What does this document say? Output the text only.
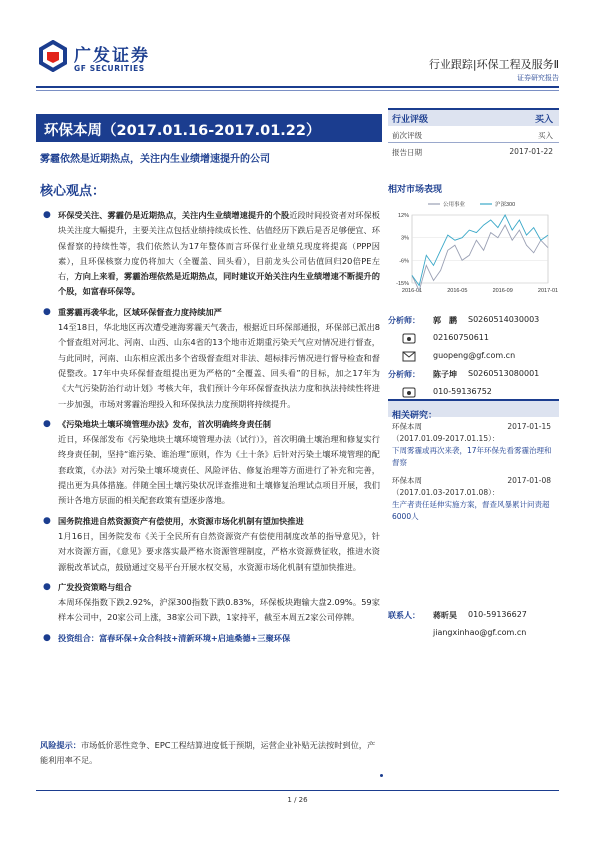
广发证券
GF SECURITIES	行业跟踪|环保工程及服务Ⅱ
证券研究报告
环保本周（2017.01.16-2017.01.22）
雾霾依然是近期热点，关注内生业绩增速提升的公司
核心观点：
● 环保受关注、雾霾仍是近期热点，关注内生业绩增速提升的个股近段时间投资者对环保板块关注度大幅提升，主要关注点包括业绩持续成长性、估值经历下跌后是否足够便宜、环保督察的持续性等，我们依然认为17年整体而言环保行业业绩兑现度将提高（PPP因素），且环保核察力度仍将加大（全覆盖、回头看），目前龙头公司估值回归20倍PE左右，方向上来看，雾霾治理依然是近期热点，同时建议开始关注内生业绩增速不断提升的个股，如富春环保等。

● 重雾霾再袭华北，区域环保督查力度持续加严

14至18日，华北地区再次遭受連海雾霾天气袭击，根据近日环保部通报，环保部已派出8个督查组对河北、河南、山西、山东4省的13个地市近期重污染天气应对情况进行督查，与此同时，河南、山东相应派出多个省级督查组对非法、超标排污情况进行督导检查和督促整改。17年中央环保督查组提出更为严格的“全覆盖、回头看”的目标，加之17年为《大气污染防治行动计划》考核大年，我们预计今年环保督查执法力度和执法持续性将进一步加强，市场对雾霾治理投入和环保执法力度预期将持续提升。

● 《污染地块土壤环境管理办法》发布，首次明确终身责任制

近日，环保部发布《污染地块土壤环境管理办法（试行）》，首次明确土壤治理和修复实行终身责任制，坚持“谁污染、谁治理”原则，作为《土十条》后针对污染土壤环境管理的配套政策，《办法》对污染土壤环境责任、风险评估、修复治理等方面进行了补充和完善，提出更为具体措施。伴随全国土壤污染状况详查推进和土壤修复治理试点项目开展，我们预计各地方层面的相关配套政策有望逐步落地。

● 国务院推进自然资源资产有偿使用，水资源市场化机制有望加快推进

1月16日，国务院发布《关于全民所有自然资源资产有偿使用制度改革的指导意见》，针对水资源方面，《意见》要求落实最严格水资源管理制度，严格水资源费征收，推进水资源税改革试点，鼓励通过交易平台开展水权交易，水资源市场化机制有望加快推进。

● 广发投资策略与组合

本周环保指数下跌2.92%，沪深300指数下跌0.83%，环保板块跑输大盘2.09%。59家样本公司中，20家公司上涨，38家公司下跌，1家持平，截至本周五2家公司停牌。

● 投资组合：富春环保+众合科技+清新环境+启迪桑德+三聚环保

风险提示：市场低价恶性竞争、EPC工程结算进度低于预期，运营企业补贴无法按时到位，产能利用率不足。
行业评级	买入
前次评级	买入
报告日期	2017-01-22
相对市场表现
12%
3%
-6%
-15%
2016-01	2016-05	2016-09	2017-01
公用事业	沪深300
分析师： 郭　鹏 S0260514030003
02160750611
guopeng@gf.com.cn
分析师： 陈子坤 S0260513080001
010-59136752
相关研究：
环保本周	2017-01-15
（2017.01.09-2017.01.15）：
下周雾霾或再次来袭，17年环保先看雾霾治理和督察
环保本周	2017-01-08
（2017.01.03-2017.01.08）：
生产者责任延伸实施方案，督查风暴累计问责超6000人
联系人： 蒋昕昊 010-59136627
jiangxinhao@gf.com.cn
1 / 26
